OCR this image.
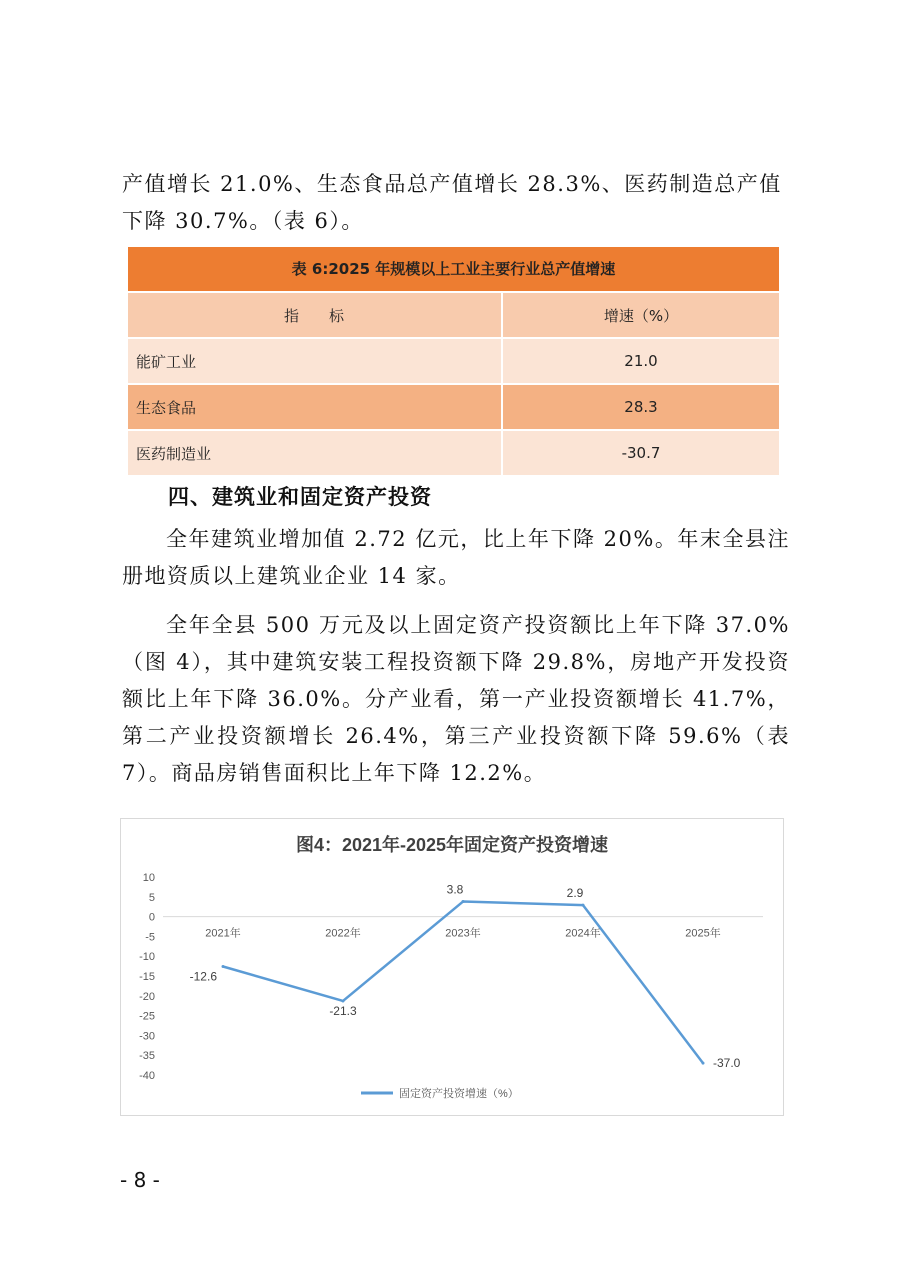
产值增长 21.0%、生态食品总产值增长 28.3%、医药制造总产值
下降 30.7%。（表 6）。

表 6:2025 年规模以上工业主要行业总产值增速	
指　　标	增速（%）
能矿工业	21.0
生态食品	28.3
医药制造业	-30.7
四、建筑业和固定资产投资

全年建筑业增加值 2.72 亿元，比上年下降 20%。年末全县注册地资质以上建筑业企业 14 家。

全年全县 500 万元及以上固定资产投资额比上年下降 37.0%（图 4），其中建筑安装工程投资额下降 29.8%，房地产开发投资额比上年下降 36.0%。分产业看，第一产业投资额增长 41.7%，第二产业投资额增长 26.4%，第三产业投资额下降 59.6%（表 7）。商品房销售面积比上年下降 12.2%。

图4：2021年-2025年固定资产投资增速
10
5
0
-5
-10
-15
-20
-25
-30
-35
-40
2021年	2022年	2023年	2024年	2025年
-12.6
-21.3
3.8	2.9
-37.0
固定资产投资增速（%）
- 8 -
